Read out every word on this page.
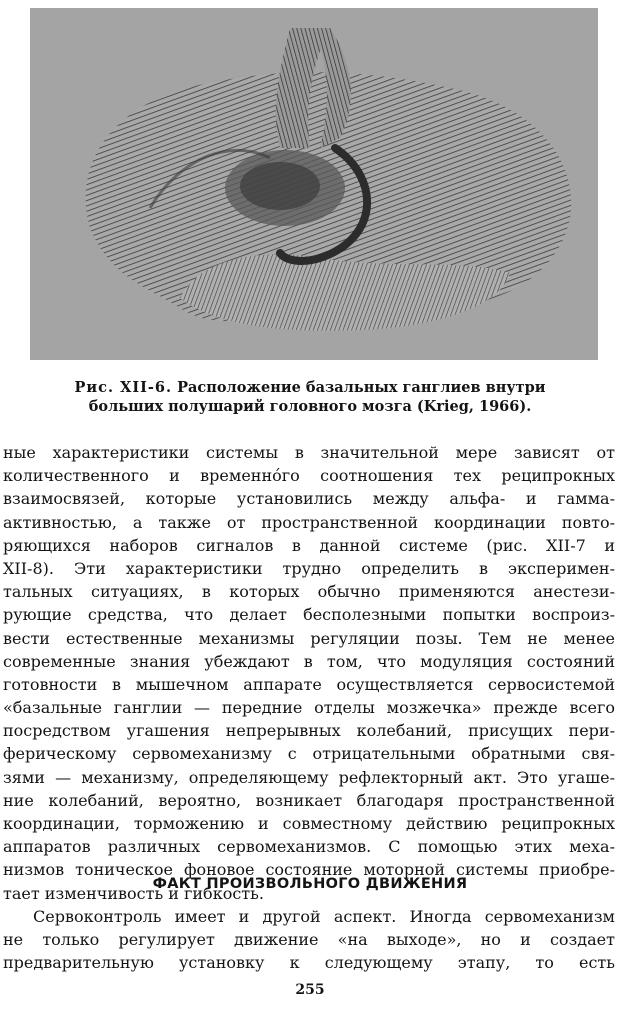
Рис. XII-6. Расположение базальных ганглиев внутри больших полушарий головного мозга (Krieg, 1966).
ные характеристики системы в значительной мере зависят от
количественного и временно́го соотношения тех реципрокных
взаимосвязей, которые установились между альфа- и гамма-
активностью, а также от пространственной координации повто-
ряющихся наборов сигналов в данной системе (рис. XII-7 и
XII-8). Эти характеристики трудно определить в эксперимен-
тальных ситуациях, в которых обычно применяются анестези-
рующие средства, что делает бесполезными попытки воспроиз-
вести естественные механизмы регуляции позы. Тем не менее
современные знания убеждают в том, что модуляция состояний
готовности в мышечном аппарате осуществляется сервосистемой
«базальные ганглии — передние отделы мозжечка» прежде всего
посредством угашения непрерывных колебаний, присущих пери-
ферическому сервомеханизму с отрицательными обратными свя-
зями — механизму, определяющему рефлекторный акт. Это угаше-
ние колебаний, вероятно, возникает благодаря пространственной
координации, торможению и совместному действию реципрокных
аппаратов различных сервомеханизмов. С помощью этих меха-
низмов тоническое фоновое состояние моторной системы приобре-
тает изменчивость и гибкость.
ФАКТ ПРОИЗВОЛЬНОГО ДВИЖЕНИЯ
Сервоконтроль имеет и другой аспект. Иногда сервомеханизм
не только регулирует движение «на выходе», но и создает
предварительную установку к следующему этапу, то есть
255
